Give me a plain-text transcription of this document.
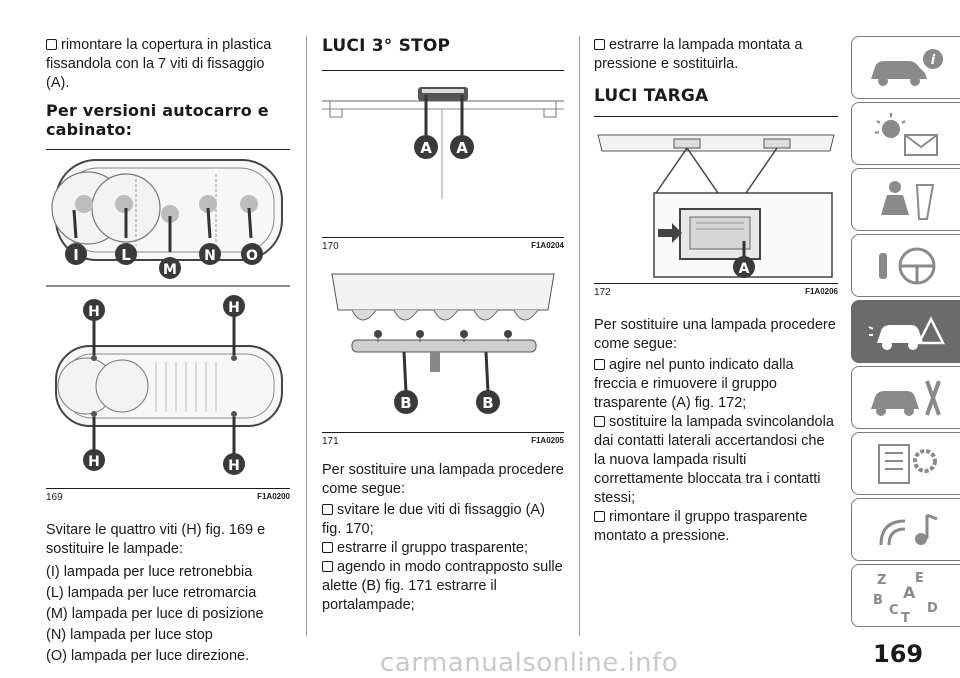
rimontare la copertura in plastica fissandola con la 7 viti di fissaggio (A).

Per versioni autocarro e cabinato:

I	L
M
N O
H	H
H	H
169	F1A0200

Svitare le quattro viti (H) fig. 169 e sostituire le lampade:

(I) lampada per luce retronebbia

(L) lampada per luce retromarcia

(M) lampada per luce di posizione

(N) lampada per luce stop

(O) lampada per luce direzione.

LUCI 3° STOP

A A
170	F1A0204
B	B
171	F1A0205

Per sostituire una lampada procedere come segue:

svitare le due viti di fissaggio (A) fig. 170;

estrarre il gruppo trasparente;

agendo in modo contrapposto sulle alette (B) fig. 171 estrarre il portalampade;

estrarre la lampada montata a pressione e sostituirla.

LUCI TARGA

A
172	F1A0206

Per sostituire una lampada procedere come segue:

agire nel punto indicato dalla freccia e rimuovere il gruppo trasparente (A) fig. 172;

sostituire la lampada svincolandola dai contatti laterali accertandosi che la nuova lampada risulti correttamente bloccata tra i contatti stessi;

rimontare il gruppo trasparente montato a pressione.

i
Z E
A
B
C
T
D
169
carmanualsonline.info
